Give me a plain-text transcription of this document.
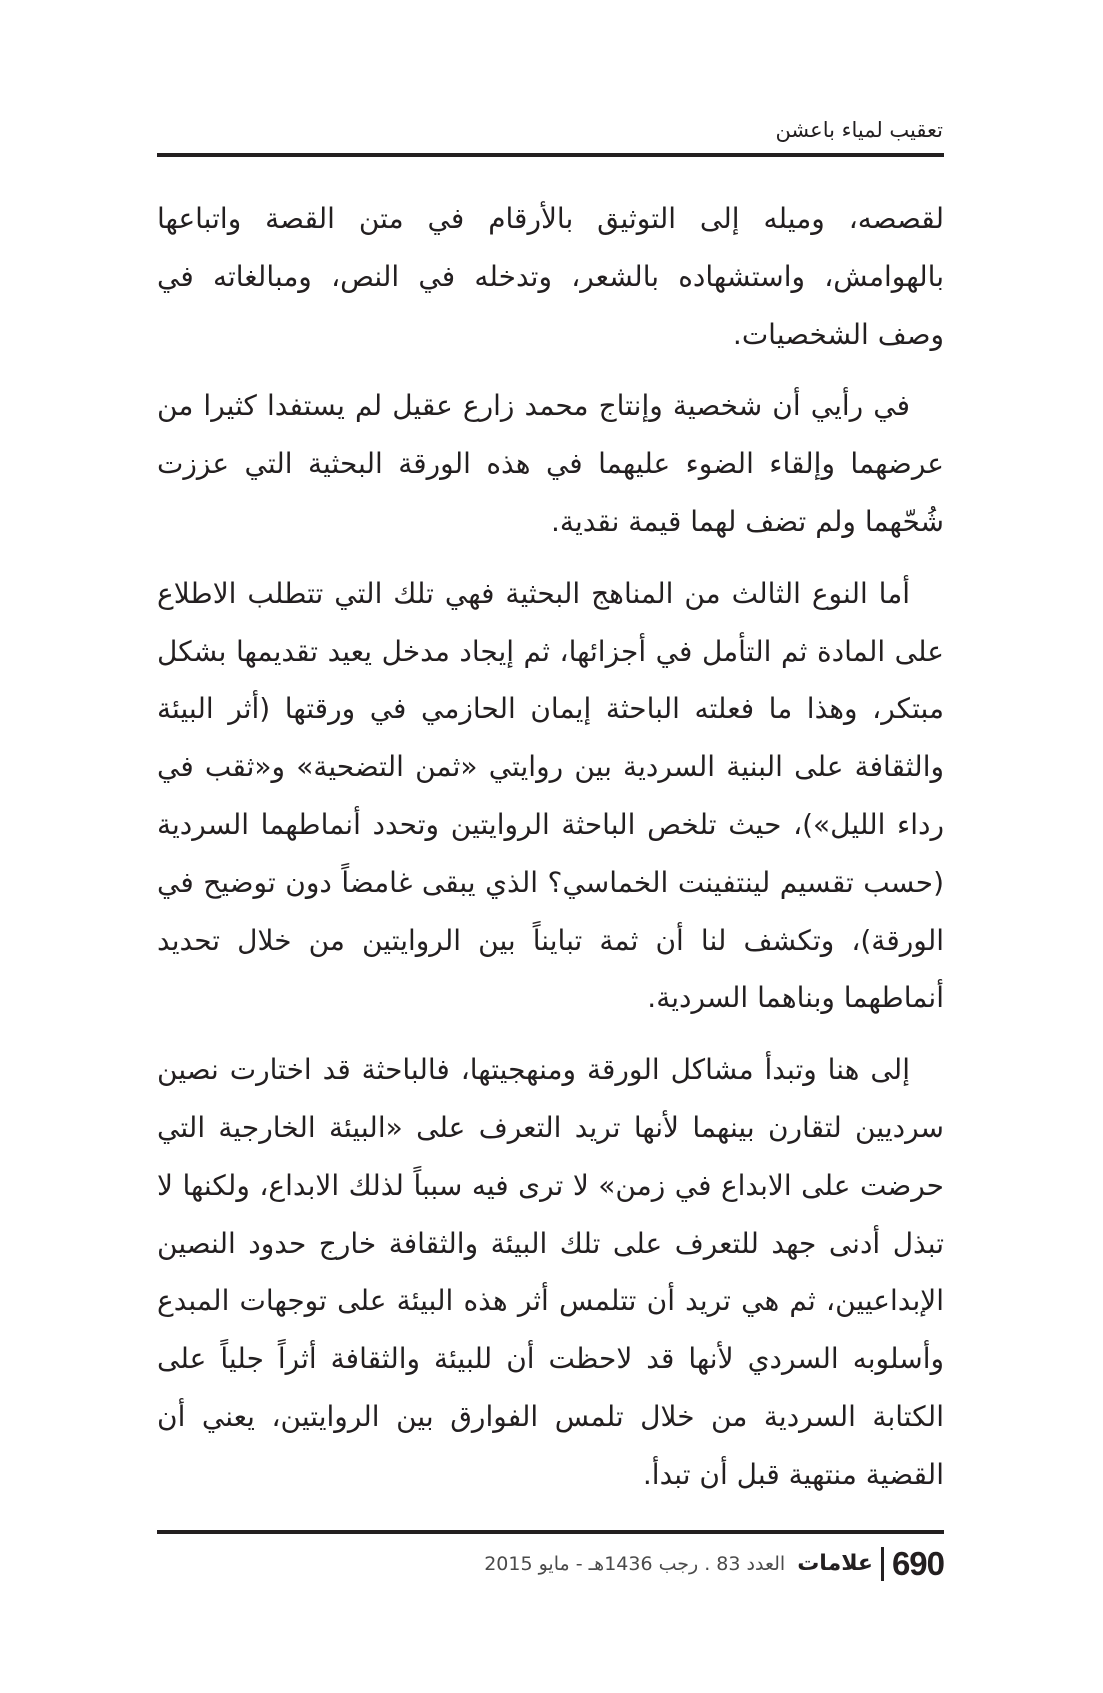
تعقيب لمياء باعشن

لقصصه، وميله إلى التوثيق بالأرقام في متن القصة واتباعها بالهوامش، واستشهاده بالشعر، وتدخله في النص، ومبالغاته في وصف الشخصيات.

في رأيي أن شخصية وإنتاج محمد زارع عقيل لم يستفدا كثيرا من عرضهما وإلقاء الضوء عليهما في هذه الورقة البحثية التي عززت شُحّهما ولم تضف لهما قيمة نقدية.

أما النوع الثالث من المناهج البحثية فهي تلك التي تتطلب الاطلاع على المادة ثم التأمل في أجزائها، ثم إيجاد مدخل يعيد تقديمها بشكل مبتكر، وهذا ما فعلته الباحثة إيمان الحازمي في ورقتها (أثر البيئة والثقافة على البنية السردية بين روايتي «ثمن التضحية» و«ثقب في رداء الليل»)، حيث تلخص الباحثة الروايتين وتحدد أنماطهما السردية (حسب تقسيم لينتفينت الخماسي؟ الذي يبقى غامضاً دون توضيح في الورقة)، وتكشف لنا أن ثمة تبايناً بين الروايتين من خلال تحديد أنماطهما وبناهما السردية.

إلى هنا وتبدأ مشاكل الورقة ومنهجيتها، فالباحثة قد اختارت نصين سرديين لتقارن بينهما لأنها تريد التعرف على «البيئة الخارجية التي حرضت على الابداع في زمن» لا ترى فيه سبباً لذلك الابداع، ولكنها لا تبذل أدنى جهد للتعرف على تلك البيئة والثقافة خارج حدود النصين الإبداعيين، ثم هي تريد أن تتلمس أثر هذه البيئة على توجهات المبدع وأسلوبه السردي لأنها قد لاحظت أن للبيئة والثقافة أثراً جلياً على الكتابة السردية من خلال تلمس الفوارق بين الروايتين، يعني أن القضية منتهية قبل أن تبدأ.

690
علامات
العدد 83 . رجب 1436هـ - مايو 2015
